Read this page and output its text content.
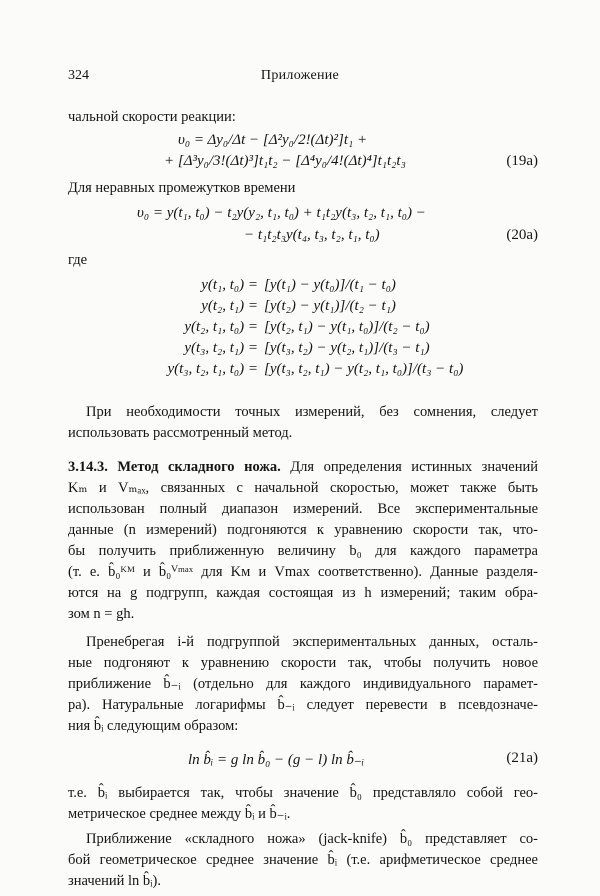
324	Приложение
чальной скорости реакции:
υ₀ = Δy₀/Δt − [Δ²y₀/2!(Δt)²]t₁ +
+ [Δ³y₀/3!(Δt)³]t₁t₂ − [Δ⁴y₀/4!(Δt)⁴]t₁t₂t₃	(19a)
Для неравных промежутков времени
υ₀ = y(t₁, t₀) − t₂y(y₂, t₁, t₀) + t₁t₂y(t₃, t₂, t₁, t₀) −
− t₁t₂t₃y(t₄, t₃, t₂, t₁, t₀)	(20a)
где
y(t₁, t₀) = [y(t₁) − y(t₀)]/(t₁ − t₀)
y(t₂, t₁) = [y(t₂) − y(t₁)]/(t₂ − t₁)
y(t₂, t₁, t₀) = [y(t₂, t₁) − y(t₁, t₀)]/(t₂ − t₀)
y(t₃, t₂, t₁) = [y(t₃, t₂) − y(t₂, t₁)]/(t₃ − t₁)
y(t₃, t₂, t₁, t₀) = [y(t₃, t₂, t₁) − y(t₂, t₁, t₀)]/(t₃ − t₀)
При необходимости точных измерений, без сомнения, следует
использовать рассмотренный метод.
3.14.3. Метод складного ножа. Для определения истинных значений
Kₘ и Vₘₐₓ, связанных с начальной скоростью, может также быть
использован полный диапазон измерений. Все экспериментальные
данные (n измерений) подгоняются к уравнению скорости так, что-
бы получить приближенную величину b₀ для каждого параметра
(т. е. b̂₀ᴷᴹ и b̂₀ⱽᵐᵃˣ для Kᴍ и Vmax соответственно). Данные разделя-
ются на g подгрупп, каждая состоящая из h измерений; таким обра-
зом n = gh.
Пренебрегая i-й подгруппой экспериментальных данных, осталь-
ные подгоняют к уравнению скорости так, чтобы получить новое
приближение b̂₋ᵢ (отдельно для каждого индивидуального парамет-
ра). Натуральные логарифмы b̂₋ᵢ следует перевести в псевдозначе-
ния b̂ᵢ следующим образом:
ln b̂ᵢ = g ln b̂₀ − (g − l) ln b̂₋ᵢ	(21a)
т.е. b̂ᵢ выбирается так, чтобы значение b̂₀ представляло собой гео-
метрическое среднее между b̂ᵢ и b̂₋ᵢ.
Приближение «складного ножа» (jack-knife) b̂₀ представляет со-
бой геометрическое среднее значение b̂ᵢ (т.е. арифметическое среднее
значений ln b̂ᵢ).
